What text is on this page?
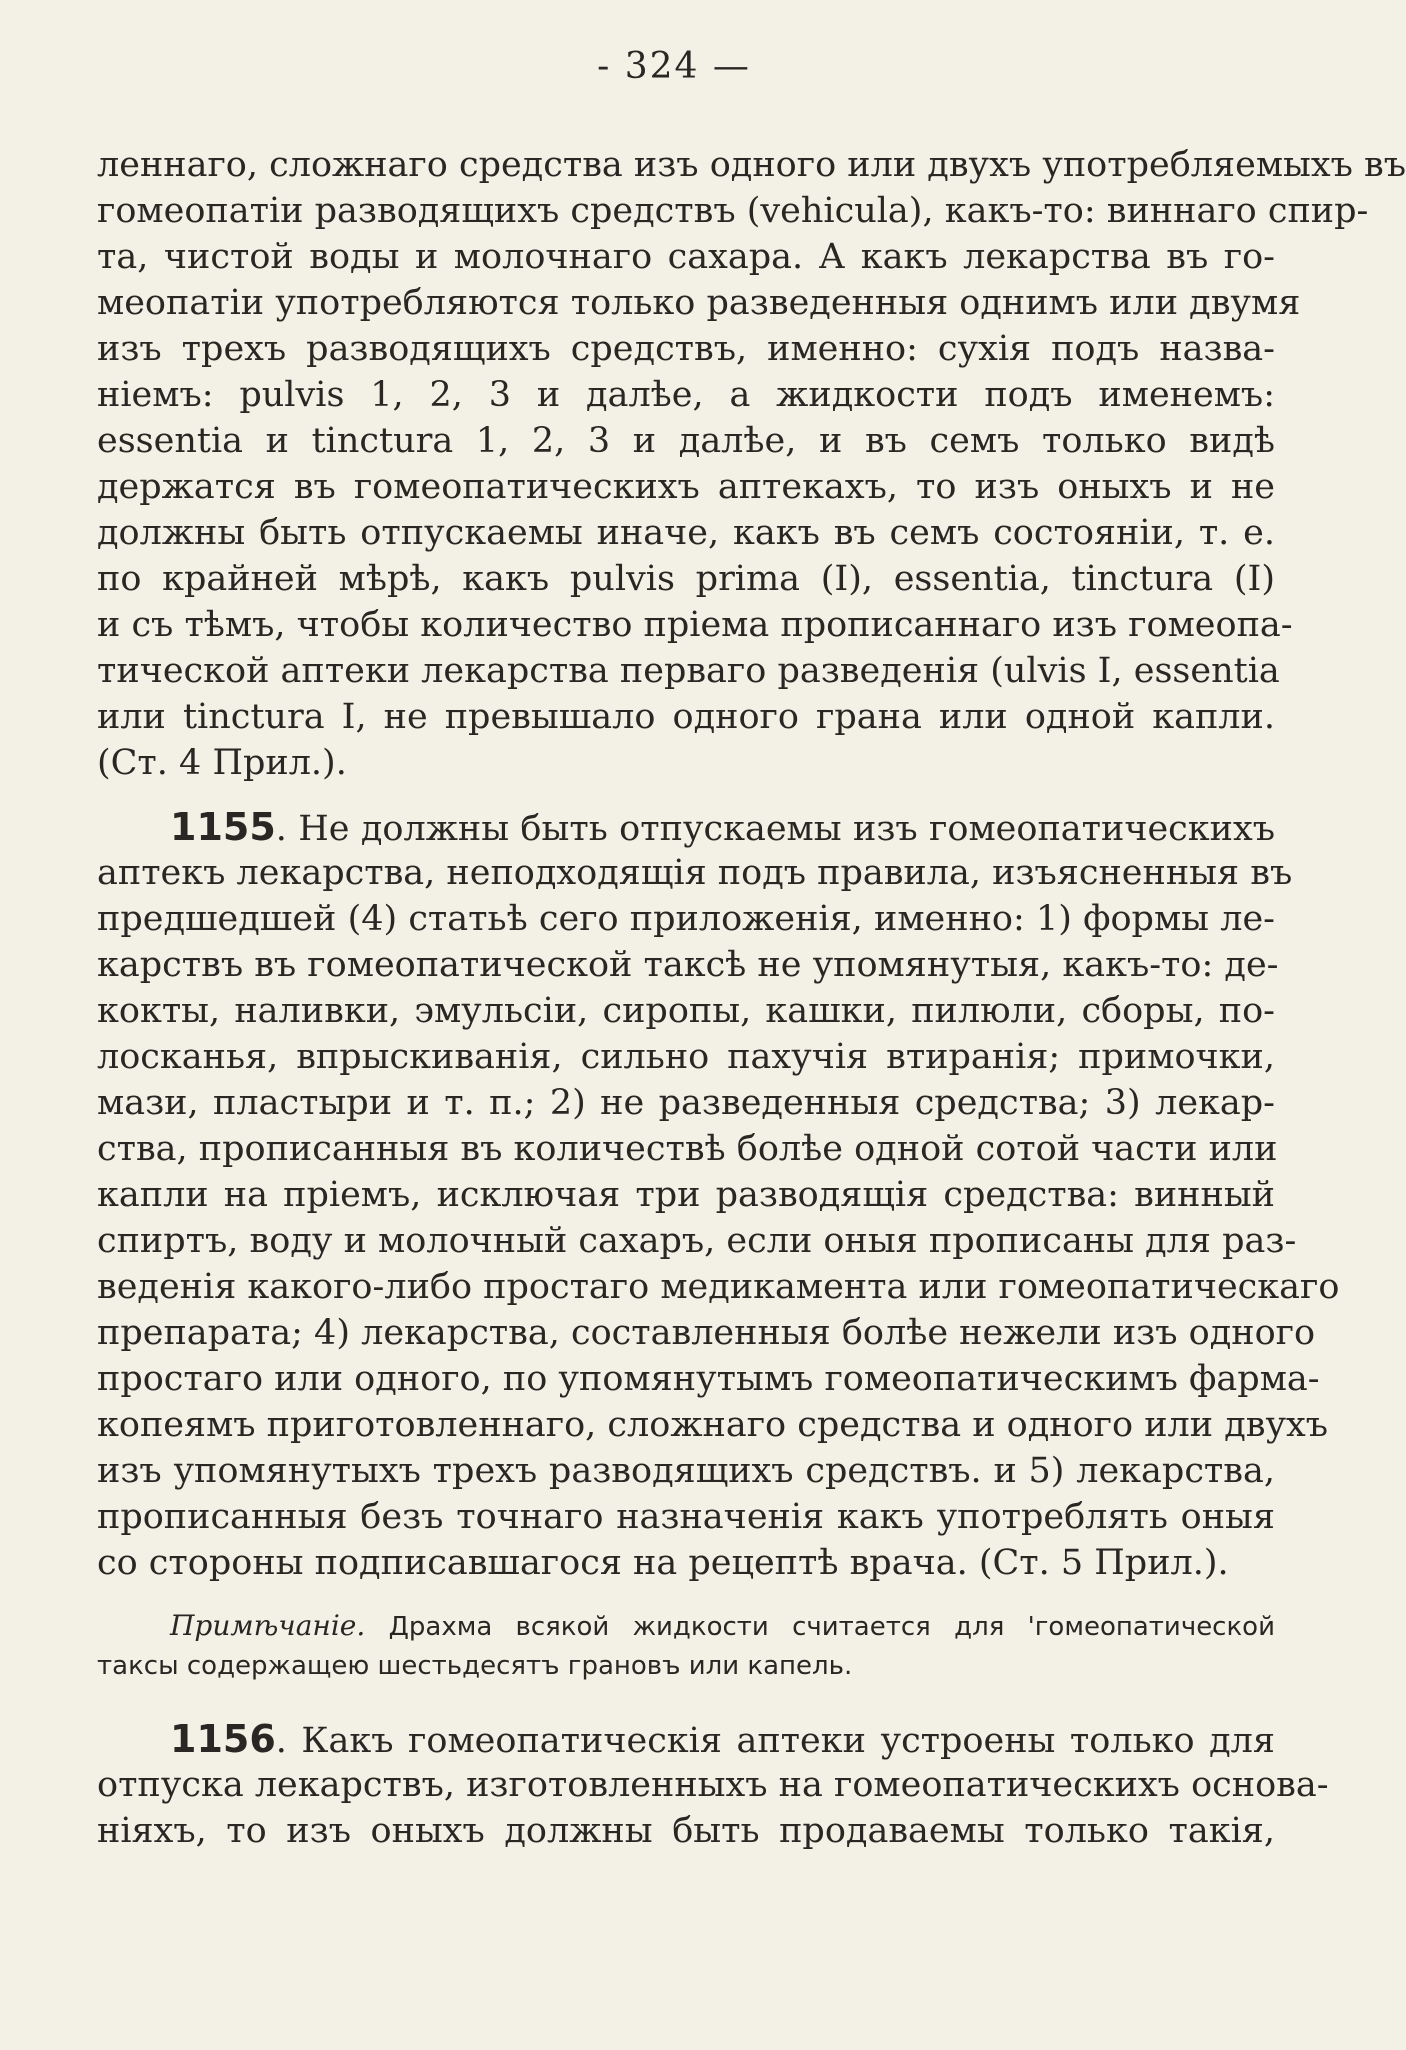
- 324 —
леннаго, сложнаго средства изъ одного или двухъ употребляемыхъ въ
гомеопатіи разводящихъ средствъ (vehicula), какъ-то: виннаго спир-
та, чистой воды и молочнаго сахара. А какъ лекарства въ го-
меопатіи употребляются только разведенныя однимъ или двумя
изъ трехъ разводящихъ средствъ, именно: сухія подъ назва-
ніемъ: pulvis 1, 2, 3 и далѣе, а жидкости подъ именемъ:
essentia и tinctura 1, 2, 3 и далѣе, и въ семъ только видѣ
держатся въ гомеопатическихъ аптекахъ, то изъ оныхъ и не
должны быть отпускаемы иначе, какъ въ семъ состояніи, т. е.
по крайней мѣрѣ, какъ pulvis prima (I), essentia, tinctura (I)
и съ тѣмъ, чтобы количество пріема прописаннаго изъ гомеопа-
тической аптеки лекарства перваго разведенія (ulvis I, essentia
или tinctura I, не превышало одного грана или одной капли.
(Ст. 4 Прил.).
1155. Не должны быть отпускаемы изъ гомеопатическихъ
аптекъ лекарства, неподходящія подъ правила, изъясненныя въ
предшедшей (4) статьѣ сего приложенія, именно: 1) формы ле-
карствъ въ гомеопатической таксѣ не упомянутыя, какъ-то: де-
кокты, наливки, эмульсіи, сиропы, кашки, пилюли, сборы, по-
лосканья, впрыскиванія, сильно пахучія втиранія; примочки,
мази, пластыри и т. п.; 2) не разведенныя средства; 3) лекар-
ства, прописанныя въ количествѣ болѣе одной сотой части или
капли на пріемъ, исключая три разводящія средства: винный
спиртъ, воду и молочный сахаръ, если оныя прописаны для раз-
веденія какого-либо простаго медикамента или гомеопатическаго
препарата; 4) лекарства, составленныя болѣе нежели изъ одного
простаго или одного, по упомянутымъ гомеопатическимъ фарма-
копеямъ приготовленнаго, сложнаго средства и одного или двухъ
изъ упомянутыхъ трехъ разводящихъ средствъ. и 5) лекарства,
прописанныя безъ точнаго назначенія какъ употреблять оныя
со стороны подписавшагося на рецептѣ врача. (Ст. 5 Прил.).
Примѣчаніе. Драхма всякой жидкости считается для 'гомеопатической
таксы содержащею шестьдесятъ грановъ или капель.
1156. Какъ гомеопатическія аптеки устроены только для
отпуска лекарствъ, изготовленныхъ на гомеопатическихъ основа-
ніяхъ, то изъ оныхъ должны быть продаваемы только такія,
